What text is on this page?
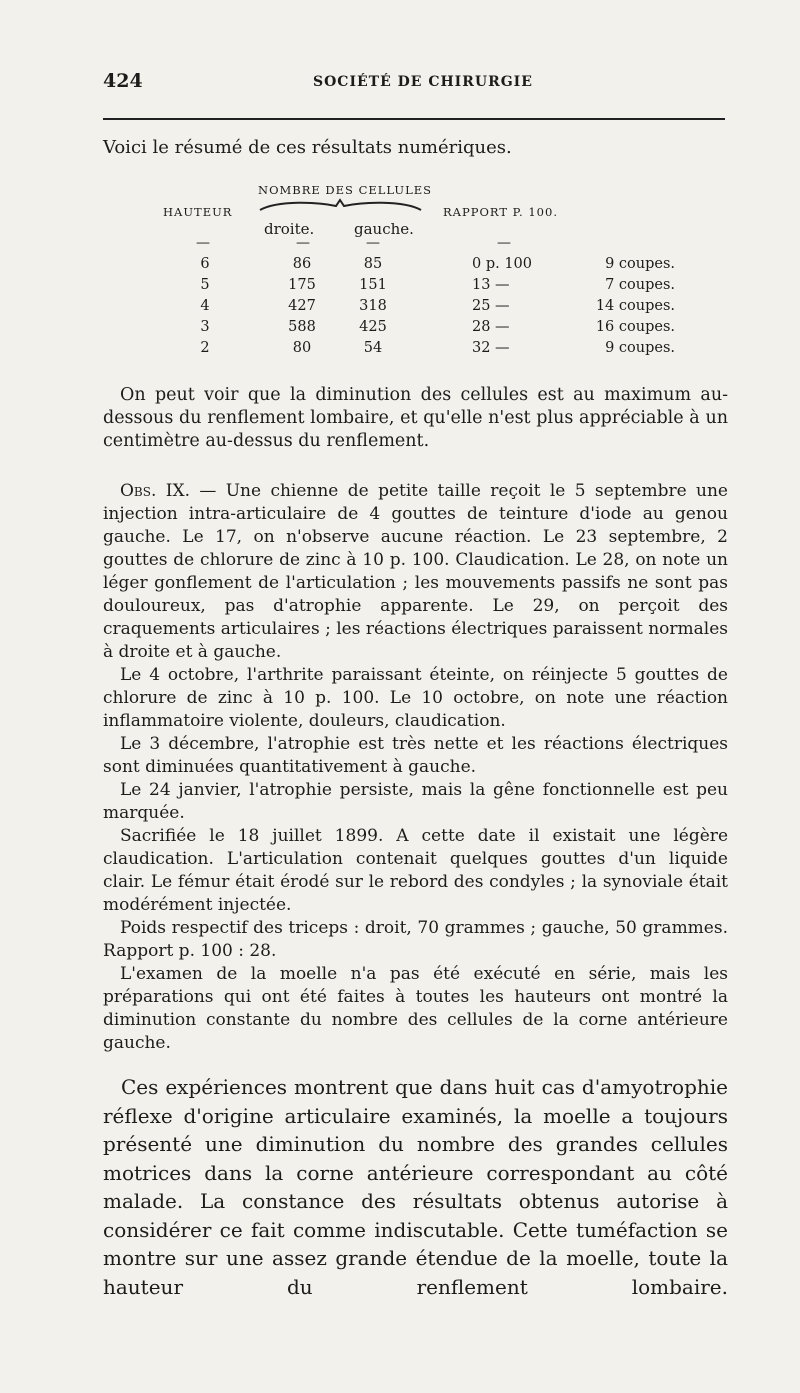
424	SOCIÉTÉ DE CHIRURGIE
Voici le résumé de ces résultats numériques.
NOMBRE DES CELLULES
HAUTEUR	RAPPORT P. 100.
droite.	gauche.
—	—	—	—
6	86	85	0 p. 100	9 coupes.
5	175	151	13 —	7 coupes.
4	427	318	25 —	14 coupes.
3	588	425	28 —	16 coupes.
2	80	54	32 —	9 coupes.

On peut voir que la diminution des cellules est au maximum au-dessous du renflement lombaire, et qu'elle n'est plus appréciable à un centimètre au-dessus du renflement.

Obs. IX. — Une chienne de petite taille reçoit le 5 septembre une injection intra-articulaire de 4 gouttes de teinture d'iode au genou gauche. Le 17, on n'observe aucune réaction. Le 23 septembre, 2 gouttes de chlorure de zinc à 10 p. 100. Claudication. Le 28, on note un léger gonflement de l'articulation ; les mouvements passifs ne sont pas douloureux, pas d'atrophie apparente. Le 29, on perçoit des craquements articulaires ; les réactions électriques paraissent normales à droite et à gauche.

Le 4 octobre, l'arthrite paraissant éteinte, on réinjecte 5 gouttes de chlorure de zinc à 10 p. 100. Le 10 octobre, on note une réaction inflammatoire violente, douleurs, claudication.

Le 3 décembre, l'atrophie est très nette et les réactions électriques sont diminuées quantitativement à gauche.

Le 24 janvier, l'atrophie persiste, mais la gêne fonctionnelle est peu marquée.

Sacrifiée le 18 juillet 1899. A cette date il existait une légère claudication. L'articulation contenait quelques gouttes d'un liquide clair. Le fémur était érodé sur le rebord des condyles ; la synoviale était modérément injectée.

Poids respectif des triceps : droit, 70 grammes ; gauche, 50 grammes. Rapport p. 100 : 28.

L'examen de la moelle n'a pas été exécuté en série, mais les préparations qui ont été faites à toutes les hauteurs ont montré la diminution constante du nombre des cellules de la corne antérieure gauche.

Ces expériences montrent que dans huit cas d'amyotrophie réflexe d'origine articulaire examinés, la moelle a toujours présenté une diminution du nombre des grandes cellules motrices dans la corne antérieure correspondant au côté malade. La constance des résultats obtenus autorise à considérer ce fait comme indiscutable. Cette tuméfaction se montre sur une assez grande étendue de la moelle, toute la hauteur du renflement lombaire.
